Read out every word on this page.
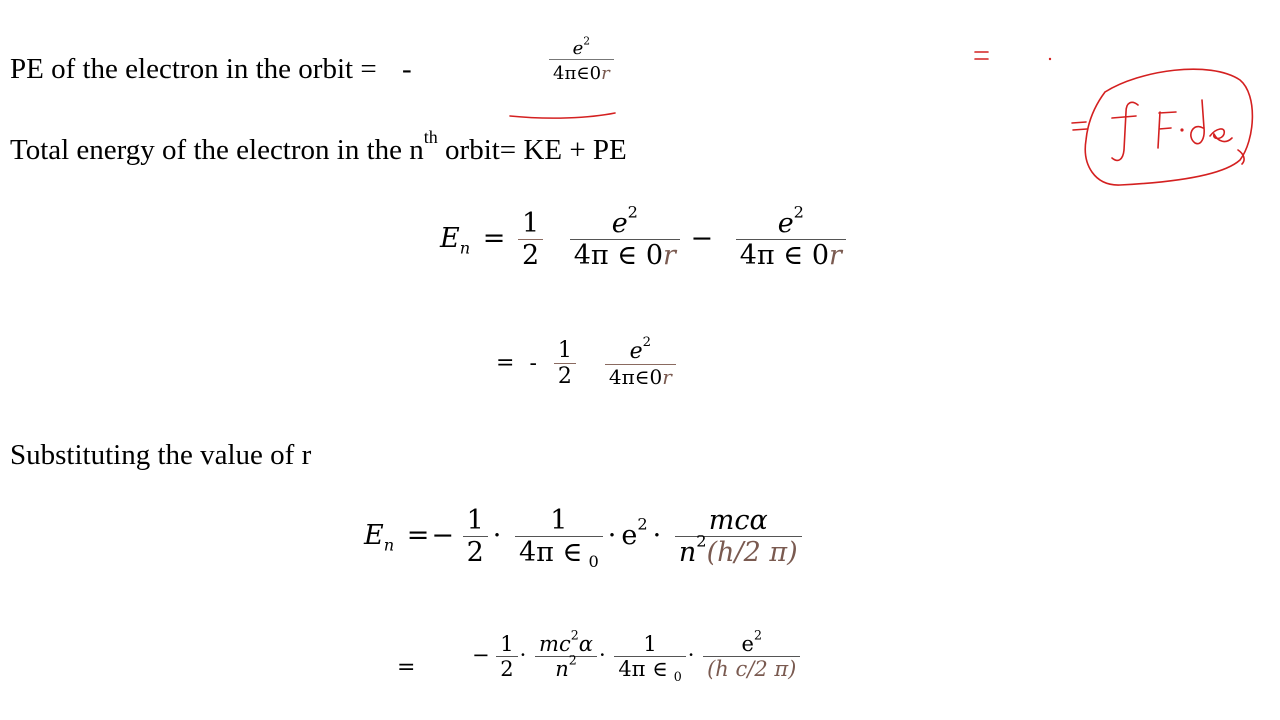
PE of the electron in the orbit = -	$\frac{e^2}{4\pi\in 0r}$
Total energy of the electron in the $n^{th}$ orbit= KE + PE
$E_n = \frac{1}{2}$
$\frac{e^2}{4\pi \in 0r} - \frac{e^2}{4\pi \in 0r}$
= - $\frac{1}{2}$
$\frac{e^2}{4\pi\in 0r}$
Substituting the value of r
$E_n =- \frac{1}{2} \cdot \frac{1}{4\pi \in _0} \cdot e^2 \cdot \frac{\text{mcα}}{n^2(h/2 \pi)}$
=	− $\frac{1}{2} \cdot \frac{mc^2\alpha}{n^2} \cdot \frac{1}{4\pi \in _0} \cdot \frac{e^2}{\text{(h c/2 π)}}$
